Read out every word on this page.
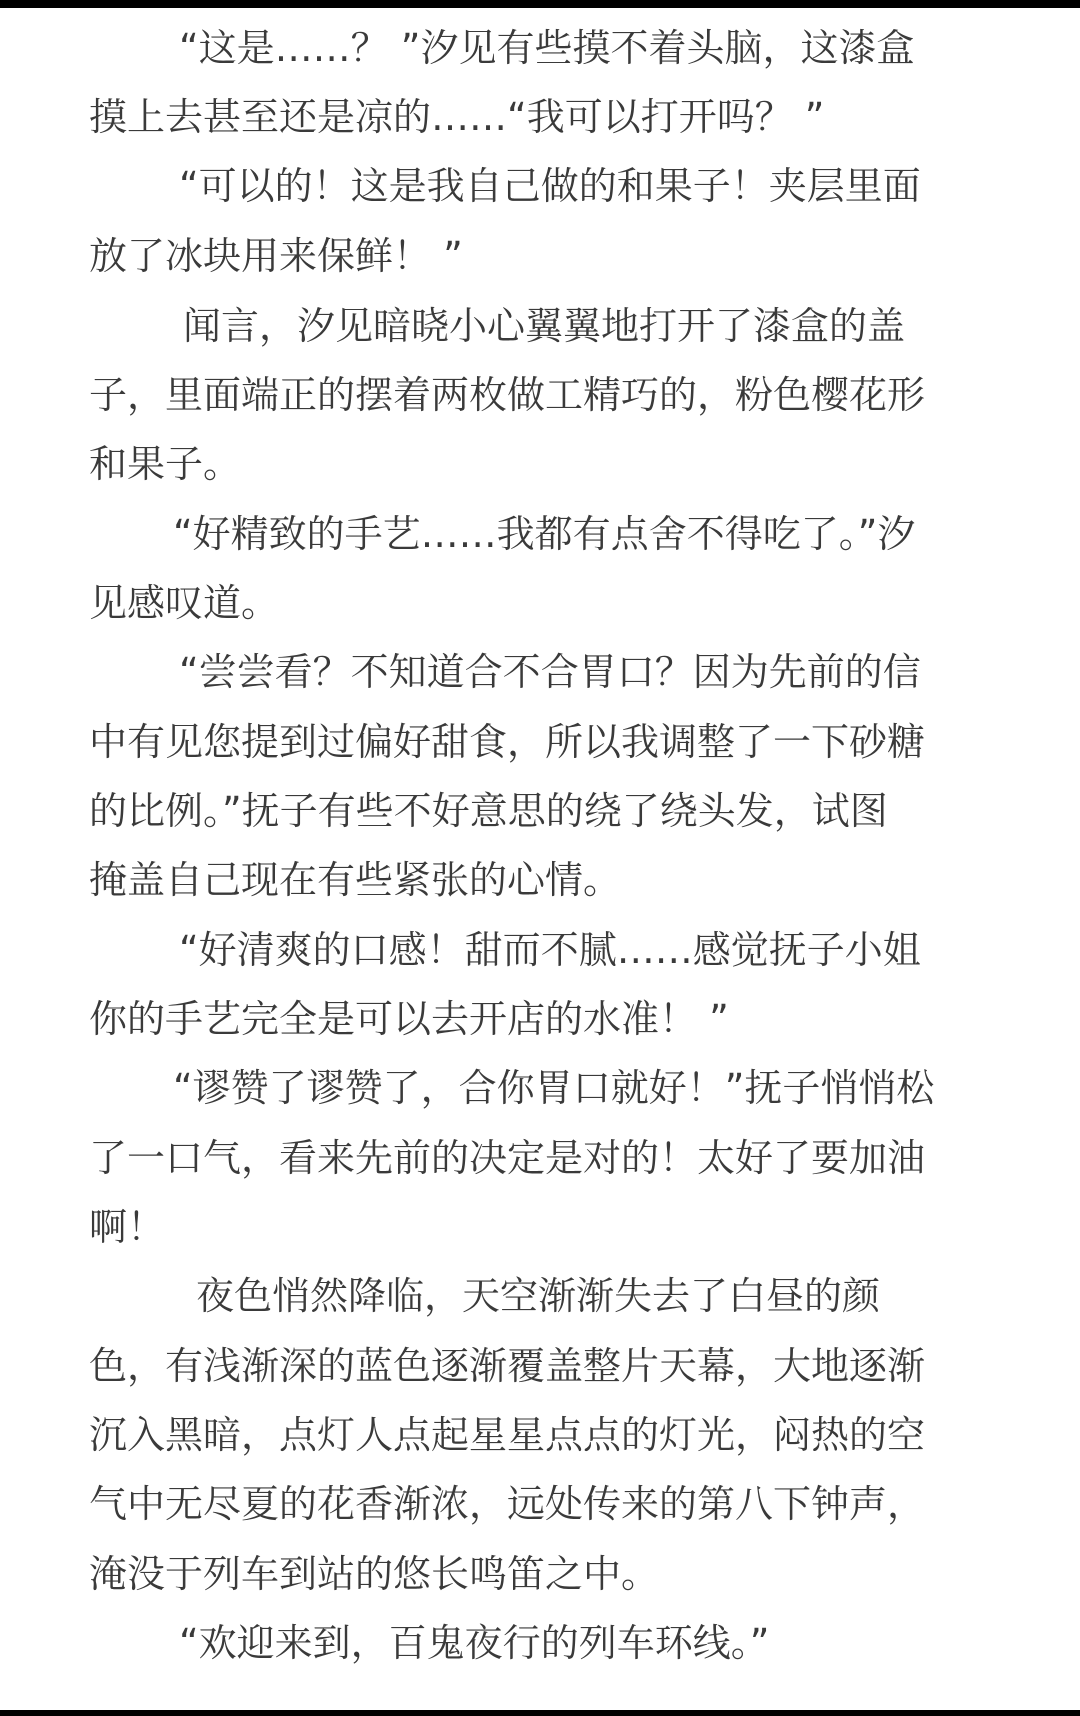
“这是……？ ”汐见有些摸不着头脑，这漆盒
摸上去甚至还是凉的……“我可以打开吗？ ”
“可以的！这是我自己做的和果子！夹层里面
放了冰块用来保鲜！ ”
闻言，汐见暗晓小心翼翼地打开了漆盒的盖
子，里面端正的摆着两枚做工精巧的，粉色樱花形
和果子。
“好精致的手艺……我都有点舍不得吃了。”汐
见感叹道。
“尝尝看？不知道合不合胃口？因为先前的信
中有见您提到过偏好甜食，所以我调整了一下砂糖
的比例。”抚子有些不好意思的绕了绕头发，试图
掩盖自己现在有些紧张的心情。
“好清爽的口感！甜而不腻……感觉抚子小姐
你的手艺完全是可以去开店的水准！ ”
“谬赞了谬赞了，合你胃口就好！”抚子悄悄松
了一口气，看来先前的决定是对的！太好了要加油
啊！
夜色悄然降临，天空渐渐失去了白昼的颜
色，有浅渐深的蓝色逐渐覆盖整片天幕，大地逐渐
沉入黑暗，点灯人点起星星点点的灯光，闷热的空
气中无尽夏的花香渐浓，远处传来的第八下钟声，
淹没于列车到站的悠长鸣笛之中。
“欢迎来到，百鬼夜行的列车环线。”
